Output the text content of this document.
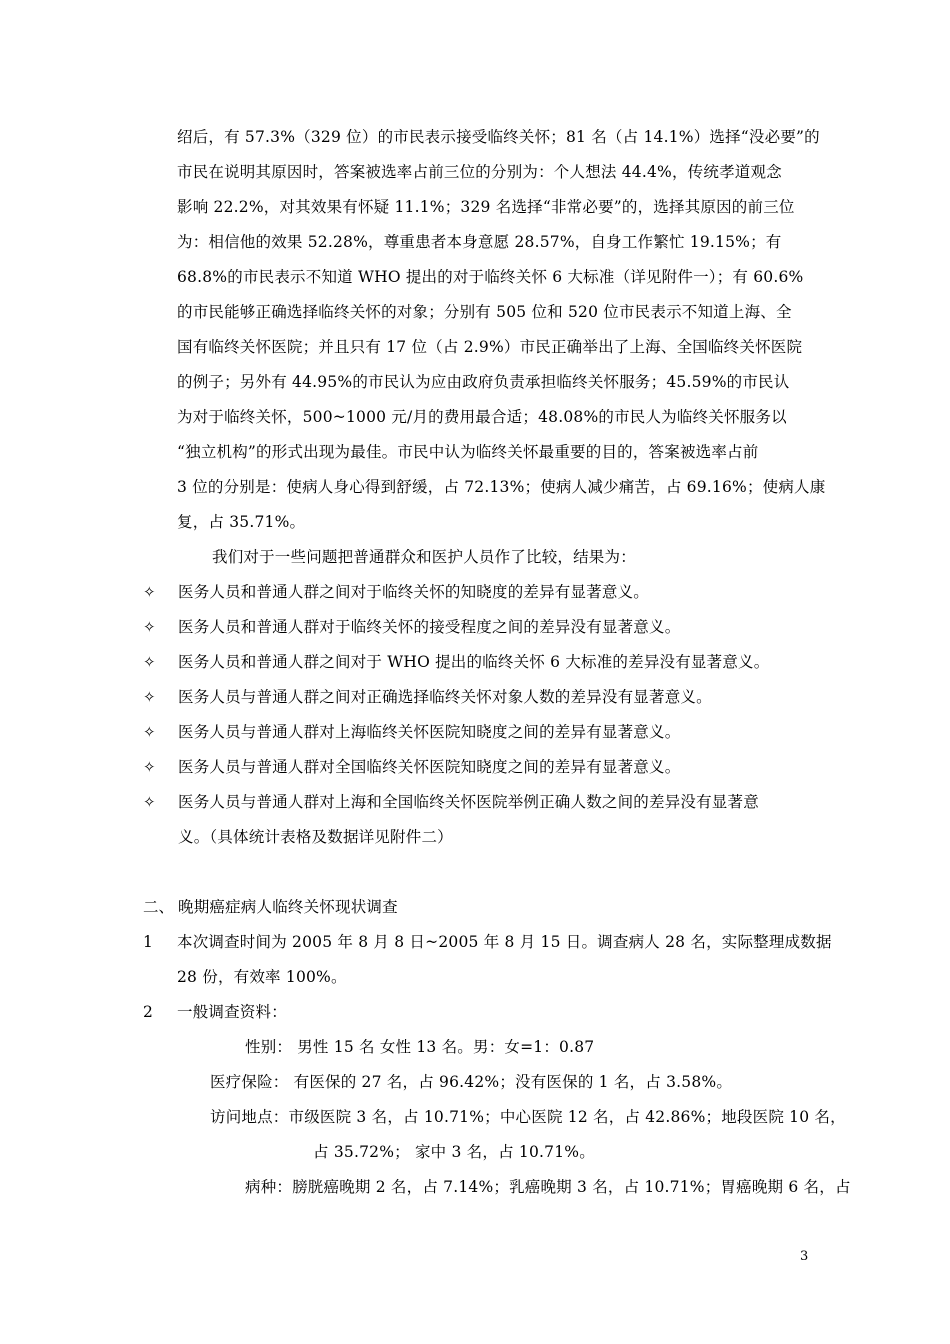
绍后，有 57.3%（329 位）的市民表示接受临终关怀；81 名（占 14.1%）选择“没必要”的
市民在说明其原因时，答案被选率占前三位的分别为：个人想法 44.4%，传统孝道观念
影响 22.2%，对其效果有怀疑 11.1%；329 名选择“非常必要”的，选择其原因的前三位
为：相信他的效果 52.28%，尊重患者本身意愿 28.57%，自身工作繁忙 19.15%；有
68.8%的市民表示不知道 WHO 提出的对于临终关怀 6 大标准（详见附件一）；有 60.6%
的市民能够正确选择临终关怀的对象；分别有 505 位和 520 位市民表示不知道上海、全
国有临终关怀医院；并且只有 17 位（占 2.9%）市民正确举出了上海、全国临终关怀医院
的例子；另外有 44.95%的市民认为应由政府负责承担临终关怀服务；45.59%的市民认
为对于临终关怀，500~1000 元/月的费用最合适；48.08%的市民人为临终关怀服务以
“独立机构”的形式出现为最佳。市民中认为临终关怀最重要的目的，答案被选率占前
3 位的分别是：使病人身心得到舒缓，占 72.13%；使病人减少痛苦，占 69.16%；使病人康
复，占 35.71%。
我们对于一些问题把普通群众和医护人员作了比较，结果为：
✧ 医务人员和普通人群之间对于临终关怀的知晓度的差异有显著意义。
✧ 医务人员和普通人群对于临终关怀的接受程度之间的差异没有显著意义。
✧ 医务人员和普通人群之间对于 WHO 提出的临终关怀 6 大标准的差异没有显著意义。
✧ 医务人员与普通人群之间对正确选择临终关怀对象人数的差异没有显著意义。
✧ 医务人员与普通人群对上海临终关怀医院知晓度之间的差异有显著意义。
✧ 医务人员与普通人群对全国临终关怀医院知晓度之间的差异有显著意义。
✧ 医务人员与普通人群对上海和全国临终关怀医院举例正确人数之间的差异没有显著意
义。（具体统计表格及数据详见附件二）
二、 晚期癌症病人临终关怀现状调查
1 本次调查时间为 2005 年 8 月 8 日~2005 年 8 月 15 日。调查病人 28 名，实际整理成数据
28 份，有效率 100%。
2 一般调查资料：
性别： 男性 15 名 女性 13 名。男：女=1：0.87
医疗保险： 有医保的 27 名，占 96.42%；没有医保的 1 名，占 3.58%。
访问地点：市级医院 3 名，占 10.71%；中心医院 12 名，占 42.86%；地段医院 10 名，
占 35.72%； 家中 3 名，占 10.71%。
病种：膀胱癌晚期 2 名，占 7.14%；乳癌晚期 3 名，占 10.71%；胃癌晚期 6 名，占
3
